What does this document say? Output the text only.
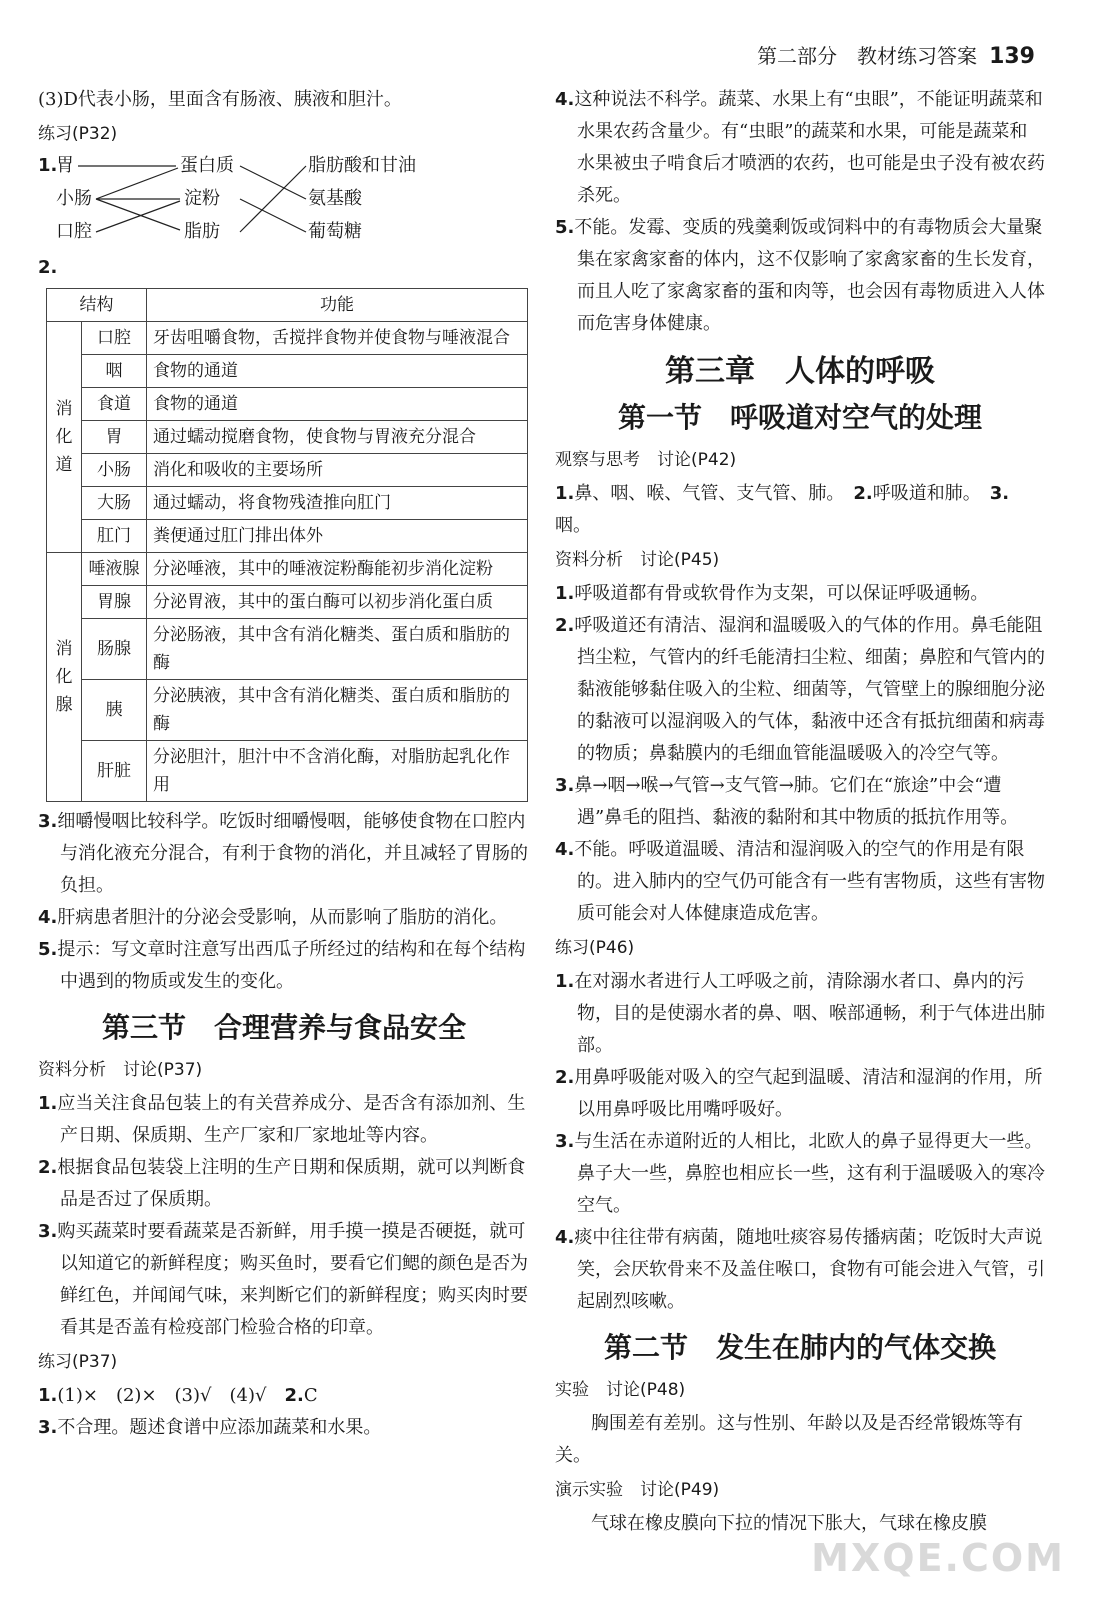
第二部分　教材练习答案 139

(3)D代表小肠，里面含有肠液、胰液和胆汁。

练习(P32)

1.
胃
小肠
口腔
蛋白质
淀粉
脂肪
脂肪酸和甘油
氨基酸
葡萄糖

2.

结构		功能
消
化
道	口腔	牙齿咀嚼食物，舌搅拌食物并使食物与唾液混合
	咽	食物的通道
	食道	食物的通道
	胃	通过蠕动搅磨食物，使食物与胃液充分混合
	小肠	消化和吸收的主要场所
	大肠	通过蠕动，将食物残渣推向肛门
	肛门	粪便通过肛门排出体外
消
化
腺	唾液腺	分泌唾液，其中的唾液淀粉酶能初步消化淀粉
	胃腺	分泌胃液，其中的蛋白酶可以初步消化蛋白质
	肠腺	分泌肠液，其中含有消化糖类、蛋白质和脂肪的酶
	胰	分泌胰液，其中含有消化糖类、蛋白质和脂肪的酶
	肝脏	分泌胆汁，胆汁中不含消化酶，对脂肪起乳化作用

3.细嚼慢咽比较科学。吃饭时细嚼慢咽，能够使食物在口腔内与消化液充分混合，有利于食物的消化，并且减轻了胃肠的负担。

4.肝病患者胆汁的分泌会受影响，从而影响了脂肪的消化。

5.提示：写文章时注意写出西瓜子所经过的结构和在每个结构中遇到的物质或发生的变化。

第三节　合理营养与食品安全

资料分析　讨论(P37)

1.应当关注食品包装上的有关营养成分、是否含有添加剂、生产日期、保质期、生产厂家和厂家地址等内容。

2.根据食品包装袋上注明的生产日期和保质期，就可以判断食品是否过了保质期。

3.购买蔬菜时要看蔬菜是否新鲜，用手摸一摸是否硬挺，就可以知道它的新鲜程度；购买鱼时，要看它们鳃的颜色是否为鲜红色，并闻闻气味，来判断它们的新鲜程度；购买肉时要看其是否盖有检疫部门检验合格的印章。

练习(P37)

1.(1)×　(2)×　(3)√　(4)√　2.C

3.不合理。题述食谱中应添加蔬菜和水果。

4.这种说法不科学。蔬菜、水果上有“虫眼”，不能证明蔬菜和水果农药含量少。有“虫眼”的蔬菜和水果，可能是蔬菜和水果被虫子啃食后才喷洒的农药，也可能是虫子没有被农药杀死。

5.不能。发霉、变质的残羹剩饭或饲料中的有毒物质会大量聚集在家禽家畜的体内，这不仅影响了家禽家畜的生长发育，而且人吃了家禽家畜的蛋和肉等，也会因有毒物质进入人体而危害身体健康。

第三章　人体的呼吸
第一节　呼吸道对空气的处理

观察与思考　讨论(P42)

1.鼻、咽、喉、气管、支气管、肺。　2.呼吸道和肺。　3.咽。

资料分析　讨论(P45)

1.呼吸道都有骨或软骨作为支架，可以保证呼吸通畅。

2.呼吸道还有清洁、湿润和温暖吸入的气体的作用。鼻毛能阻挡尘粒，气管内的纤毛能清扫尘粒、细菌；鼻腔和气管内的黏液能够黏住吸入的尘粒、细菌等，气管壁上的腺细胞分泌的黏液可以湿润吸入的气体，黏液中还含有抵抗细菌和病毒的物质；鼻黏膜内的毛细血管能温暖吸入的冷空气等。

3.鼻→咽→喉→气管→支气管→肺。它们在“旅途”中会“遭遇”鼻毛的阻挡、黏液的黏附和其中物质的抵抗作用等。

4.不能。呼吸道温暖、清洁和湿润吸入的空气的作用是有限的。进入肺内的空气仍可能含有一些有害物质，这些有害物质可能会对人体健康造成危害。

练习(P46)

1.在对溺水者进行人工呼吸之前，清除溺水者口、鼻内的污物，目的是使溺水者的鼻、咽、喉部通畅，利于气体进出肺部。

2.用鼻呼吸能对吸入的空气起到温暖、清洁和湿润的作用，所以用鼻呼吸比用嘴呼吸好。

3.与生活在赤道附近的人相比，北欧人的鼻子显得更大一些。鼻子大一些，鼻腔也相应长一些，这有利于温暖吸入的寒冷空气。

4.痰中往往带有病菌，随地吐痰容易传播病菌；吃饭时大声说笑，会厌软骨来不及盖住喉口，食物有可能会进入气管，引起剧烈咳嗽。

第二节　发生在肺内的气体交换

实验　讨论(P48)

胸围差有差别。这与性别、年龄以及是否经常锻炼等有关。

演示实验　讨论(P49)

气球在橡皮膜向下拉的情况下胀大，气球在橡皮膜

MXQE.COM
